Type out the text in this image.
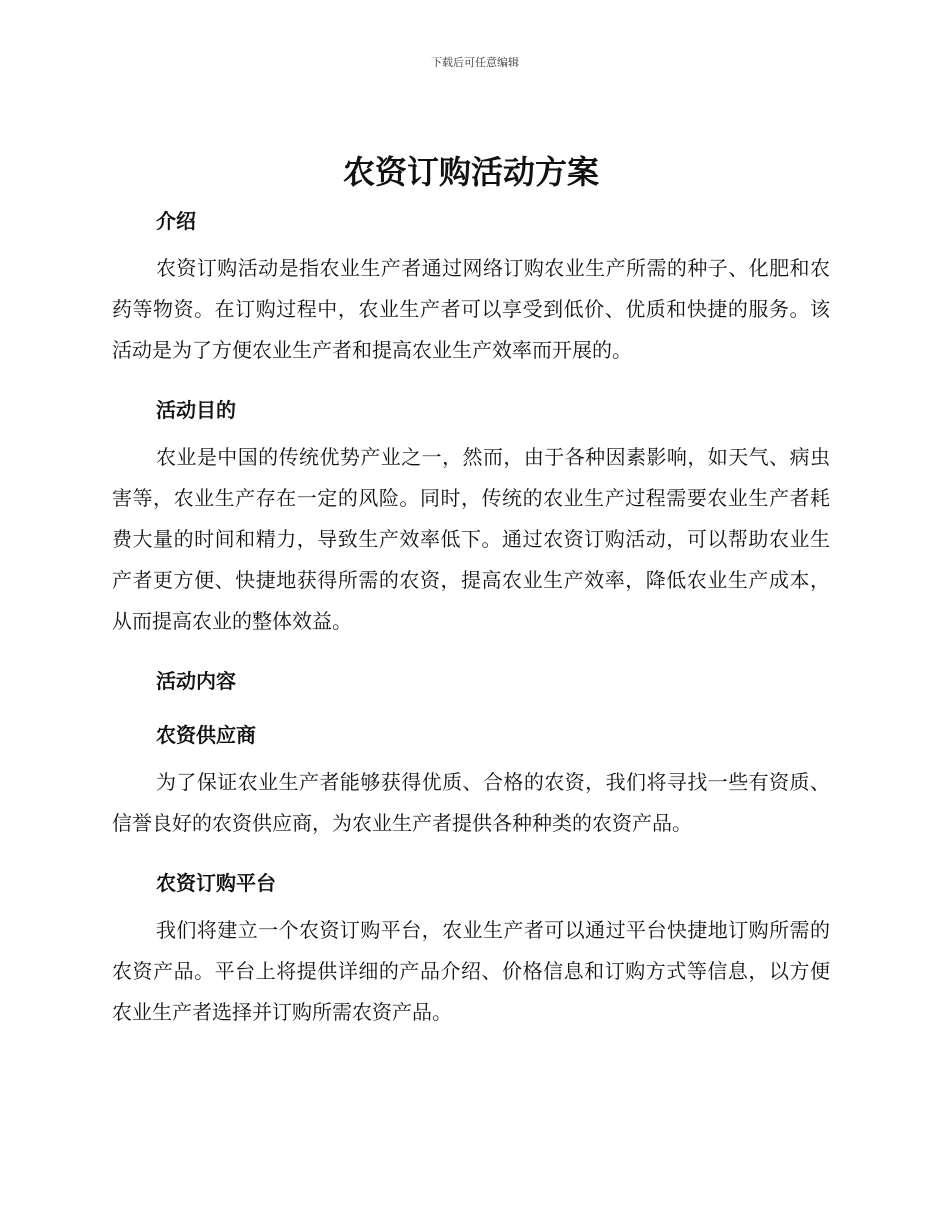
下载后可任意编辑
农资订购活动方案
介绍

农资订购活动是指农业生产者通过网络订购农业生产所需的种子、化肥和农药等物资。在订购过程中，农业生产者可以享受到低价、优质和快捷的服务。该活动是为了方便农业生产者和提高农业生产效率而开展的。

活动目的

农业是中国的传统优势产业之一，然而，由于各种因素影响，如天气、病虫害等，农业生产存在一定的风险。同时，传统的农业生产过程需要农业生产者耗费大量的时间和精力，导致生产效率低下。通过农资订购活动，可以帮助农业生产者更方便、快捷地获得所需的农资，提高农业生产效率，降低农业生产成本，从而提高农业的整体效益。

活动内容
农资供应商

为了保证农业生产者能够获得优质、合格的农资，我们将寻找一些有资质、信誉良好的农资供应商，为农业生产者提供各种种类的农资产品。

农资订购平台

我们将建立一个农资订购平台，农业生产者可以通过平台快捷地订购所需的农资产品。平台上将提供详细的产品介绍、价格信息和订购方式等信息，以方便农业生产者选择并订购所需农资产品。
